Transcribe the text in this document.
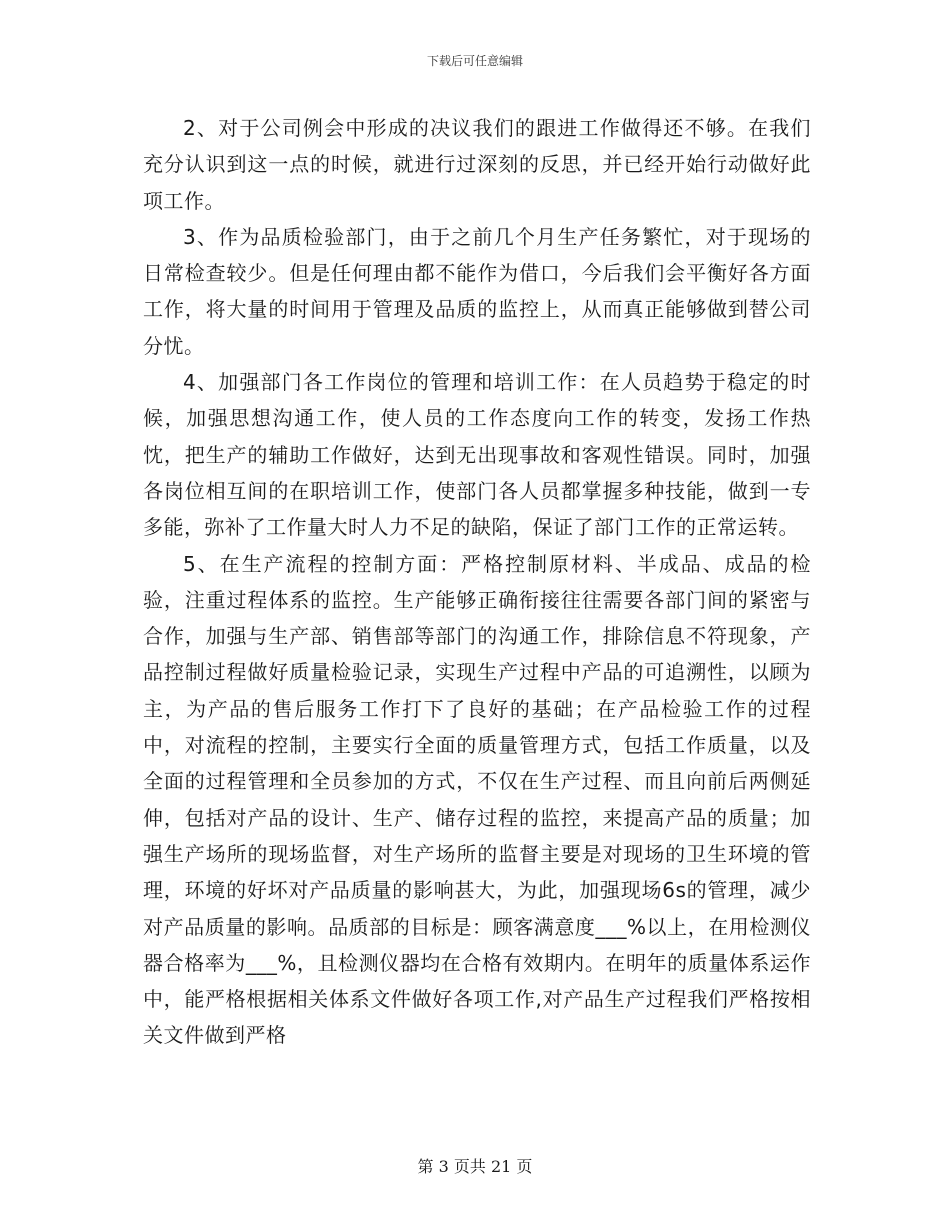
下载后可任意编辑

2、对于公司例会中形成的决议我们的跟进工作做得还不够。在我们充分认识到这一点的时候，就进行过深刻的反思，并已经开始行动做好此项工作。

3、作为品质检验部门，由于之前几个月生产任务繁忙，对于现场的日常检查较少。但是任何理由都不能作为借口，今后我们会平衡好各方面工作，将大量的时间用于管理及品质的监控上，从而真正能够做到替公司分忧。

4、加强部门各工作岗位的管理和培训工作：在人员趋势于稳定的时候，加强思想沟通工作，使人员的工作态度向工作的转变，发扬工作热忱，把生产的辅助工作做好，达到无出现事故和客观性错误。同时，加强各岗位相互间的在职培训工作，使部门各人员都掌握多种技能，做到一专多能，弥补了工作量大时人力不足的缺陷，保证了部门工作的正常运转。

5、在生产流程的控制方面：严格控制原材料、半成品、成品的检验，注重过程体系的监控。生产能够正确衔接往往需要各部门间的紧密与合作，加强与生产部、销售部等部门的沟通工作，排除信息不符现象，产品控制过程做好质量检验记录，实现生产过程中产品的可追溯性，以顾为主，为产品的售后服务工作打下了良好的基础；在产品检验工作的过程中，对流程的控制，主要实行全面的质量管理方式，包括工作质量，以及全面的过程管理和全员参加的方式，不仅在生产过程、而且向前后两侧延伸，包括对产品的设计、生产、储存过程的监控，来提高产品的质量；加强生产场所的现场监督，对生产场所的监督主要是对现场的卫生环境的管理，环境的好坏对产品质量的影响甚大，为此，加强现场6s的管理，减少对产品质量的影响。品质部的目标是：顾客满意度___%以上，在用检测仪器合格率为___%，且检测仪器均在合格有效期内。在明年的质量体系运作中，能严格根据相关体系文件做好各项工作,对产品生产过程我们严格按相关文件做到严格

第 3 页共 21 页
